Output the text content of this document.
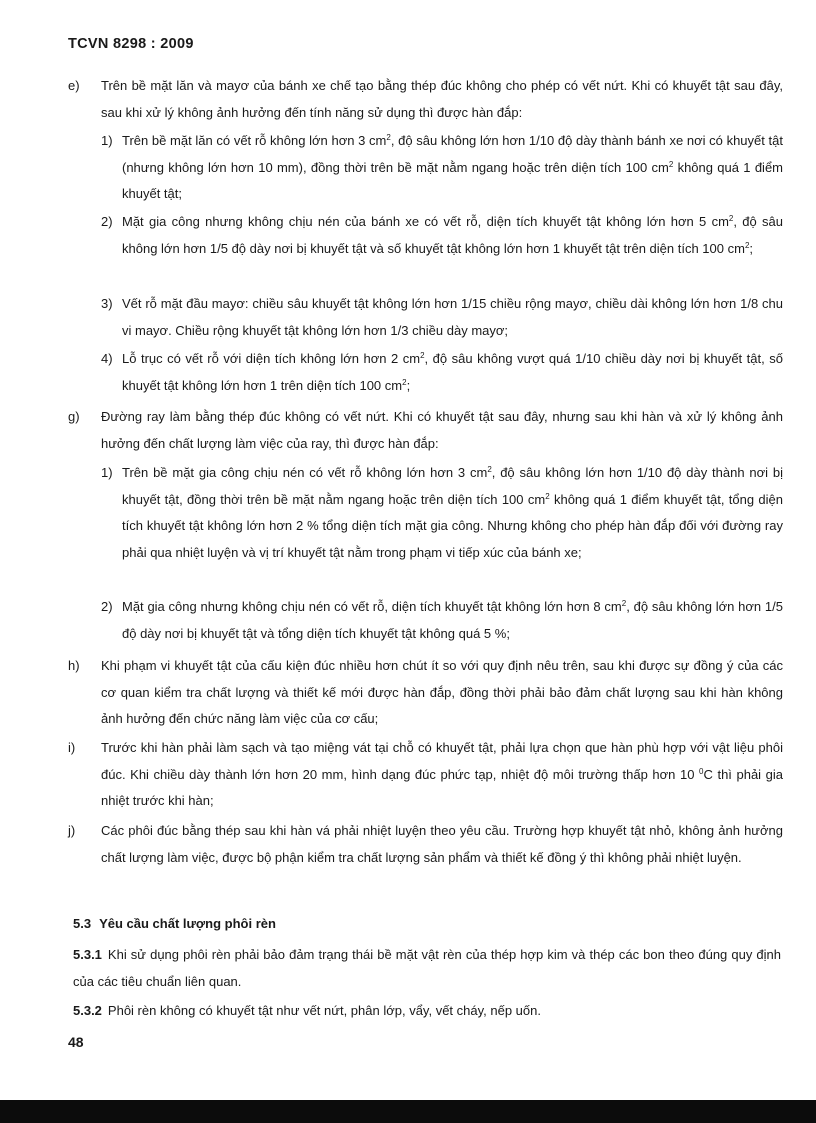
TCVN 8298 : 2009
e) Trên bề mặt lăn và mayơ của bánh xe chế tạo bằng thép đúc không cho phép có vết nứt. Khi có khuyết tật sau đây, sau khi xử lý không ảnh hưởng đến tính năng sử dụng thì được hàn đắp:
1) Trên bề mặt lăn có vết rỗ không lớn hơn 3 $cm^2$, độ sâu không lớn hơn 1/10 độ dày thành bánh xe nơi có khuyết tật (nhưng không lớn hơn 10 mm), đồng thời trên bề mặt nằm ngang hoặc trên diện tích 100 $cm^2$ không quá 1 điểm khuyết tật;
2) Mặt gia công nhưng không chịu nén của bánh xe có vết rỗ, diện tích khuyết tật không lớn hơn 5 $cm^2$, độ sâu không lớn hơn 1/5 độ dày nơi bị khuyết tật và số khuyết tật không lớn hơn 1 khuyết tật trên diện tích 100 $cm^2$;
3) Vết rỗ mặt đầu mayơ: chiều sâu khuyết tật không lớn hơn 1/15 chiều rộng mayơ, chiều dài không lớn hơn 1/8 chu vi mayơ. Chiều rộng khuyết tật không lớn hơn 1/3 chiều dày mayơ;
4) Lỗ trục có vết rỗ với diện tích không lớn hơn 2 $cm^2$, độ sâu không vượt quá 1/10 chiều dày nơi bị khuyết tật, số khuyết tật không lớn hơn 1 trên diện tích 100 $cm^2$;
g) Đường ray làm bằng thép đúc không có vết nứt. Khi có khuyết tật sau đây, nhưng sau khi hàn và xử lý không ảnh hưởng đến chất lượng làm việc của ray, thì được hàn đắp:
1) Trên bề mặt gia công chịu nén có vết rỗ không lớn hơn 3 $cm^2$, độ sâu không lớn hơn 1/10 độ dày thành nơi bị khuyết tật, đồng thời trên bề mặt nằm ngang hoặc trên diện tích 100 $cm^2$ không quá 1 điểm khuyết tật, tổng diện tích khuyết tật không lớn hơn 2 % tổng diện tích mặt gia công. Nhưng không cho phép hàn đắp đối với đường ray phải qua nhiệt luyện và vị trí khuyết tật nằm trong phạm vi tiếp xúc của bánh xe;
2) Mặt gia công nhưng không chịu nén có vết rỗ, diện tích khuyết tật không lớn hơn 8 $cm^2$, độ sâu không lớn hơn 1/5 độ dày nơi bị khuyết tật và tổng diện tích khuyết tật không quá 5 %;
h) Khi phạm vi khuyết tật của cấu kiện đúc nhiều hơn chút ít so với quy định nêu trên, sau khi được sự đồng ý của các cơ quan kiểm tra chất lượng và thiết kế mới được hàn đắp, đồng thời phải bảo đảm chất lượng sau khi hàn không ảnh hưởng đến chức năng làm việc của cơ cấu;
i) Trước khi hàn phải làm sạch và tạo miệng vát tại chỗ có khuyết tật, phải lựa chọn que hàn phù hợp với vật liệu phôi đúc. Khi chiều dày thành lớn hơn 20 mm, hình dạng đúc phức tạp, nhiệt độ môi trường thấp hơn 10 $^0$C thì phải gia nhiệt trước khi hàn;
j) Các phôi đúc bằng thép sau khi hàn vá phải nhiệt luyện theo yêu cầu. Trường hợp khuyết tật nhỏ, không ảnh hưởng chất lượng làm việc, được bộ phận kiểm tra chất lượng sản phẩm và thiết kế đồng ý thì không phải nhiệt luyện.
5.3 Yêu cầu chất lượng phôi rèn
5.3.1 Khi sử dụng phôi rèn phải bảo đảm trạng thái bề mặt vật rèn của thép hợp kim và thép các bon theo đúng quy định của các tiêu chuẩn liên quan.
5.3.2 Phôi rèn không có khuyết tật như vết nứt, phân lớp, vẩy, vết cháy, nếp uốn.
48
